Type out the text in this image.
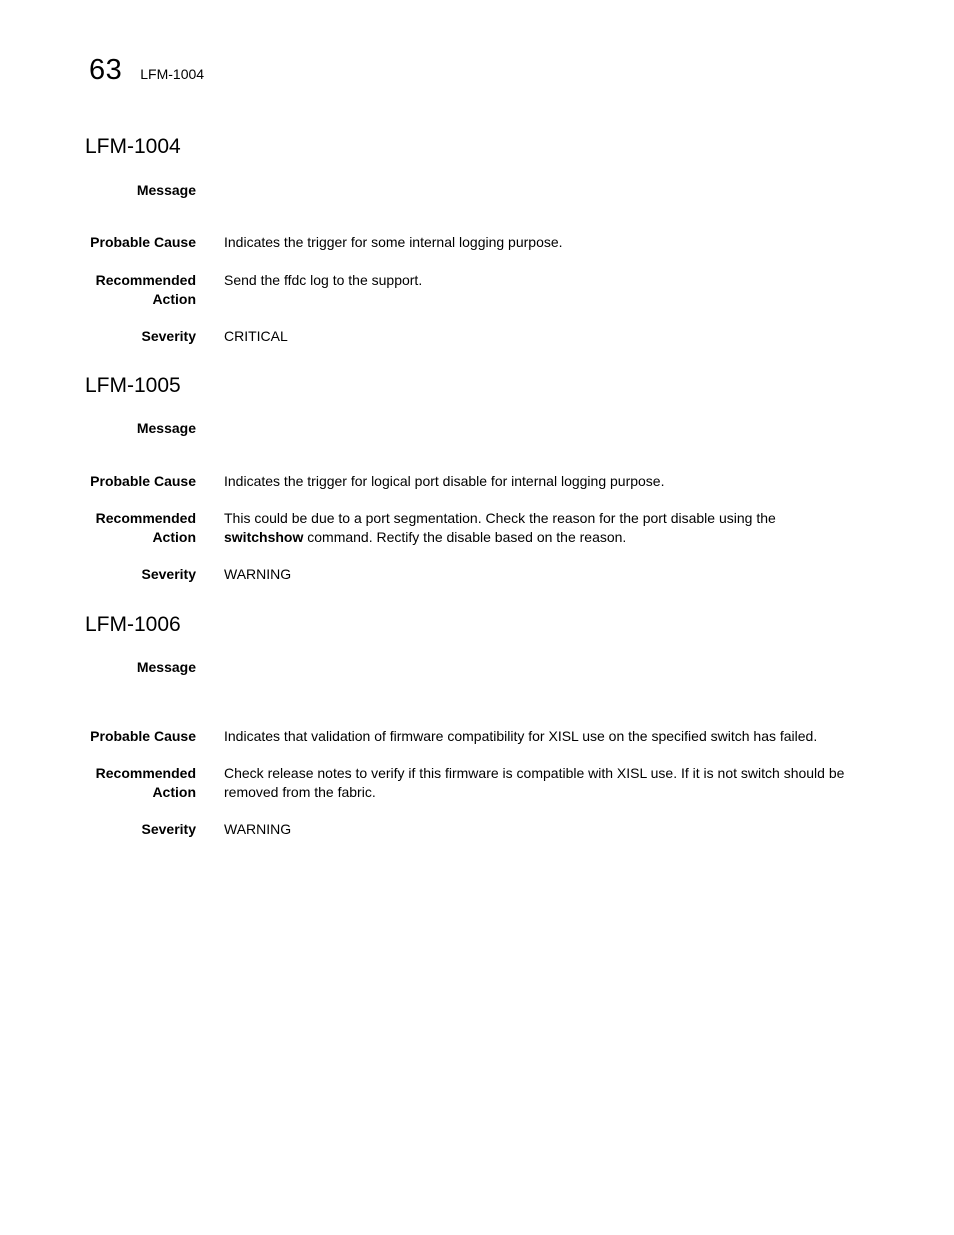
63 LFM-1004
LFM-1004
Message
Probable Cause Indicates the trigger for some internal logging purpose.
Recommended
Action
Send the ffdc log to the support.
Severity CRITICAL
LFM-1005
Message
Probable Cause Indicates the trigger for logical port disable for internal logging purpose.
Recommended
Action
This could be due to a port segmentation. Check the reason for the port disable using the
switchshow command. Rectify the disable based on the reason.
Severity WARNING
LFM-1006
Message
Probable Cause Indicates that validation of firmware compatibility for XISL use on the specified switch has failed.
Recommended
Action
Check release notes to verify if this firmware is compatible with XISL use. If it is not switch should be removed from the fabric.
Severity WARNING
